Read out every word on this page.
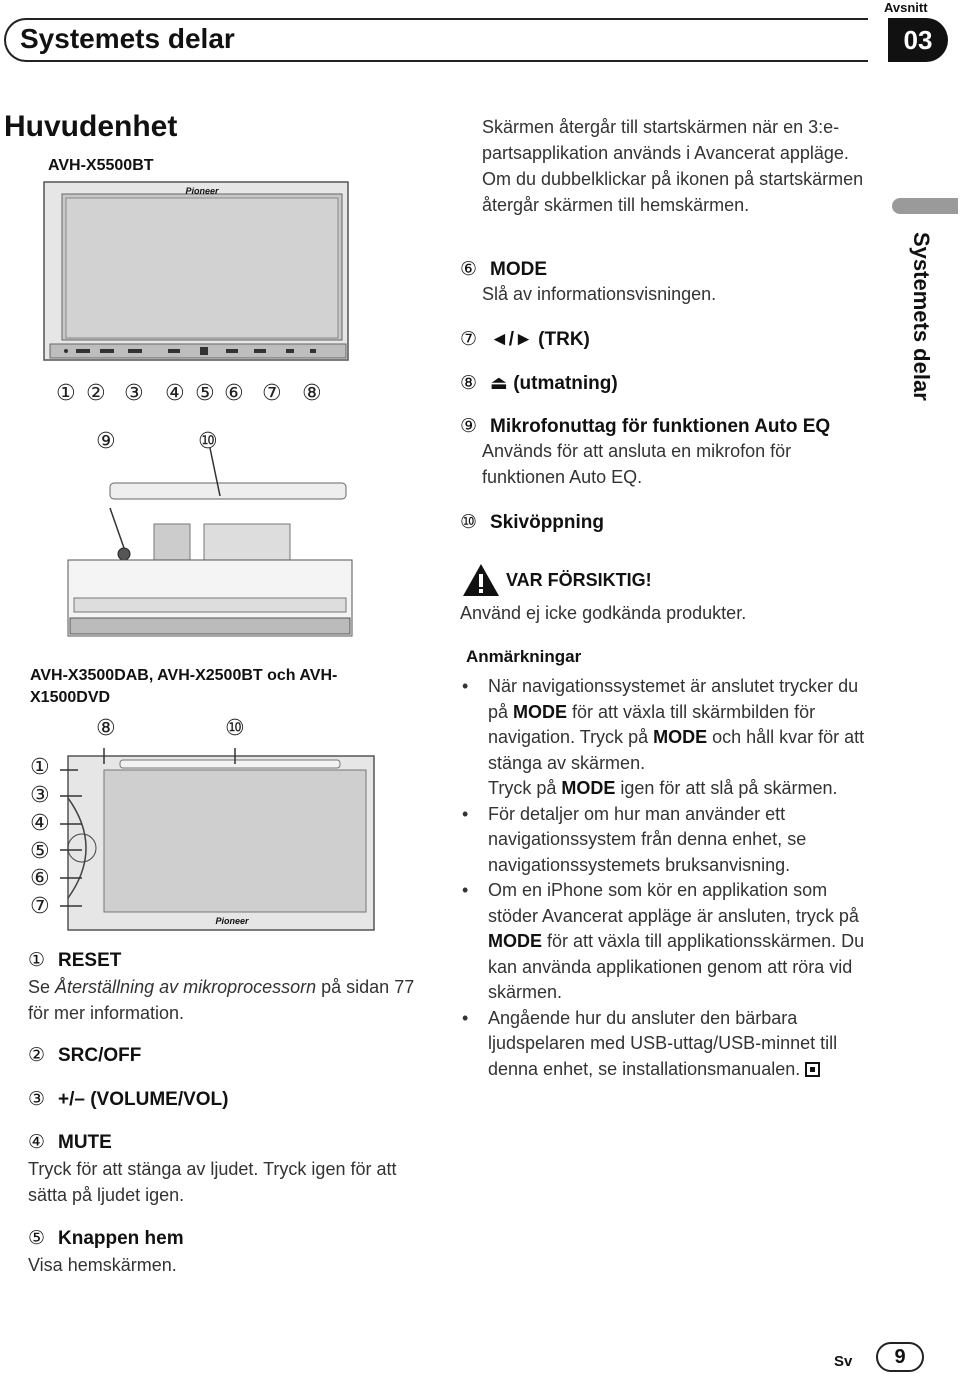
Systemets delar
Avsnitt
03
Systemets delar
Huvudenhet
AVH-X5500BT
Pioneer
① ② ③ ④ ⑤ ⑥ ⑦ ⑧
⑨	⑩
AVH-X3500DAB, AVH-X2500BT och AVH-X1500DVD
Pioneer
⑧	⑩
①
③
④
⑤
⑥
⑦
① RESET
Se Återställning av mikroprocessorn på sidan 77 för mer information.
② SRC/OFF
③ +/– (VOLUME/VOL)
④ MUTE
Tryck för att stänga av ljudet. Tryck igen för att sätta på ljudet igen.
⑤ Knappen hem
Visa hemskärmen.
Skärmen återgår till startskärmen när en 3:e-partsapplikation används i Avancerat appläge. Om du dubbelklickar på ikonen på startskärmen återgår skärmen till hemskärmen.
⑥ MODE
Slå av informationsvisningen.
⑦ ◄/► (TRK)
⑧ ⏏ (utmatning)
⑨ Mikrofonuttag för funktionen Auto EQ
Används för att ansluta en mikrofon för funktionen Auto EQ.
⑩ Skivöppning
VAR FÖRSIKTIG!
Använd ej icke godkända produkter.
Anmärkningar
• När navigationssystemet är anslutet trycker du på MODE för att växla till skärmbilden för navigation. Tryck på MODE och håll kvar för att stänga av skärmen.
Tryck på MODE igen för att slå på skärmen.
• För detaljer om hur man använder ett navigationssystem från denna enhet, se navigationssystemets bruksanvisning.
• Om en iPhone som kör en applikation som stöder Avancerat appläge är ansluten, tryck på MODE för att växla till applikationsskärmen. Du kan använda applikationen genom att röra vid skärmen.
• Angående hur du ansluter den bärbara ljudspelaren med USB-uttag/USB-minnet till denna enhet, se installationsmanualen.
Sv	9
